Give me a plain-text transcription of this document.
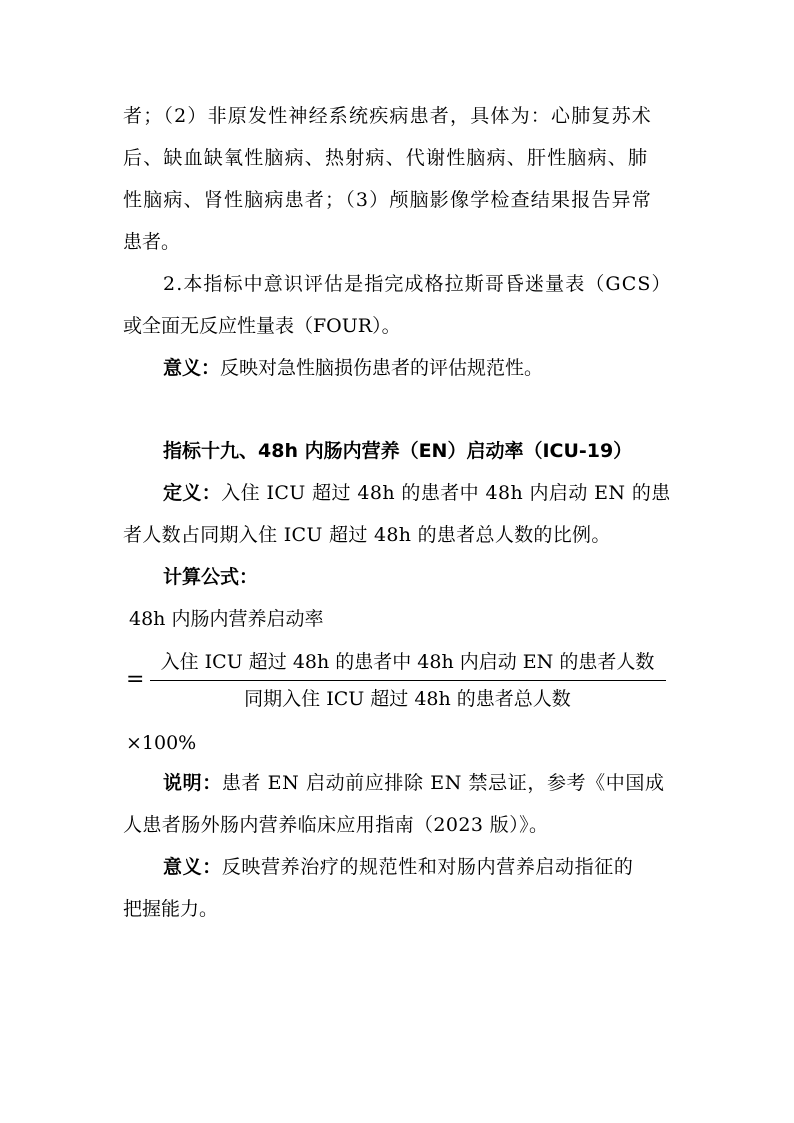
者；（2）非原发性神经系统疾病患者，具体为：心肺复苏术
后、缺血缺氧性脑病、热射病、代谢性脑病、肝性脑病、肺
性脑病、肾性脑病患者；（3）颅脑影像学检查结果报告异常
患者。
2.本指标中意识评估是指完成格拉斯哥昏迷量表（GCS）
或全面无反应性量表（FOUR）。
意义：反映对急性脑损伤患者的评估规范性。
指标十九、48h 内肠内营养（EN）启动率（ICU-19）
定义：入住 ICU 超过 48h 的患者中 48h 内启动 EN 的患
者人数占同期入住 ICU 超过 48h 的患者总人数的比例。
计算公式：
48h 内肠内营养启动率
=
入住 ICU 超过 48h 的患者中 48h 内启动 EN 的患者人数
同期入住 ICU 超过 48h 的患者总人数
×100%
说明：患者 EN 启动前应排除 EN 禁忌证，参考《中国成
人患者肠外肠内营养临床应用指南（2023 版）》。
意义：反映营养治疗的规范性和对肠内营养启动指征的
把握能力。
